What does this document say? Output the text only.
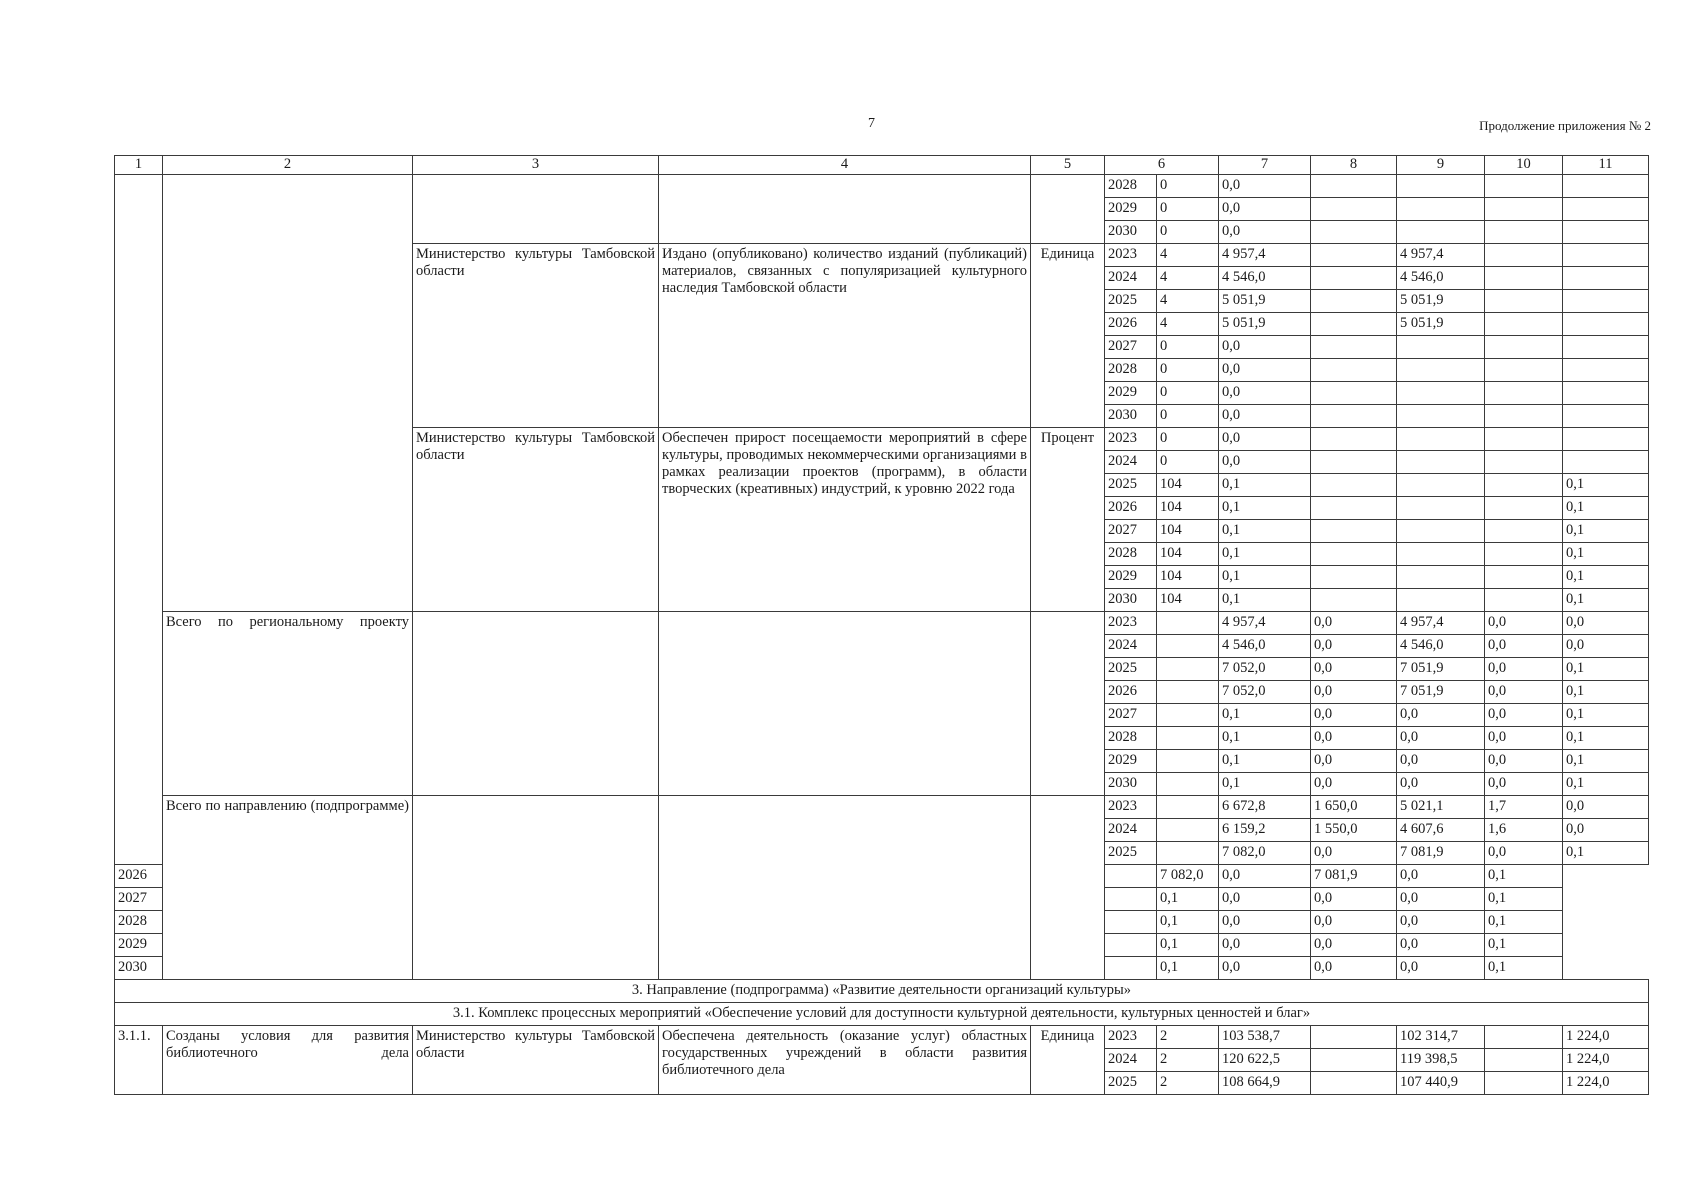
7	Продолжение приложения № 2
1	2	3	4	5	6		7	8	9	10	11
					2028	0	0,0				
					2029	0	0,0				
					2030	0	0,0				
		Министерство культуры Тамбовской области	Издано (опубликовано) количество изданий (публикаций) материалов, связанных с популяризацией культурного наследия Тамбовской области	Единица	2023	4	4 957,4		4 957,4		
					2024	4	4 546,0		4 546,0		
					2025	4	5 051,9		5 051,9		
					2026	4	5 051,9		5 051,9		
					2027	0	0,0				
					2028	0	0,0				
					2029	0	0,0				
					2030	0	0,0				
		Министерство культуры Тамбовской области	Обеспечен прирост посещаемости мероприятий в сфере культуры, проводимых некоммерческими организациями в рамках реализации проектов (программ), в области творческих (креативных) индустрий, к уровню 2022 года	Процент	2023	0	0,0				
					2024	0	0,0				
					2025	104	0,1				0,1
					2026	104	0,1				0,1
					2027	104	0,1				0,1
					2028	104	0,1				0,1
					2029	104	0,1				0,1
					2030	104	0,1				0,1
	Всего по региональному проекту				2023		4 957,4	0,0	4 957,4	0,0	0,0
					2024		4 546,0	0,0	4 546,0	0,0	0,0
					2025		7 052,0	0,0	7 051,9	0,0	0,1
					2026		7 052,0	0,0	7 051,9	0,0	0,1
					2027		0,1	0,0	0,0	0,0	0,1
					2028		0,1	0,0	0,0	0,0	0,1
					2029		0,1	0,0	0,0	0,0	0,1
					2030		0,1	0,0	0,0	0,0	0,1
	Всего по направлению (подпрограмме)				2023		6 672,8	1 650,0	5 021,1	1,7	0,0
					2024		6 159,2	1 550,0	4 607,6	1,6	0,0
					2025		7 082,0	0,0	7 081,9	0,0	0,1
2026						7 082,0	0,0	7 081,9	0,0	0,1	
2027						0,1	0,0	0,0	0,0	0,1	
2028						0,1	0,0	0,0	0,0	0,1	
2029						0,1	0,0	0,0	0,0	0,1	
2030						0,1	0,0	0,0	0,0	0,1	
3. Направление (подпрограмма) «Развитие деятельности организаций культуры»											
3.1. Комплекс процессных мероприятий «Обеспечение условий для доступности культурной деятельности, культурных ценностей и благ»											
3.1.1.	Созданы условия для развития библиотечного дела	Министерство культуры Тамбовской области	Обеспечена деятельность (оказание услуг) областных государственных учреждений в области развития библиотечного дела	Единица	2023	2	103 538,7		102 314,7		1 224,0
					2024	2	120 622,5		119 398,5		1 224,0
					2025	2	108 664,9		107 440,9		1 224,0
